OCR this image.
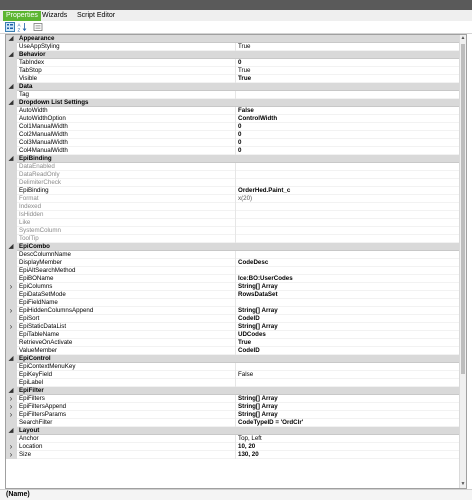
Properties Wizards	Script Editor
A
Z
◢ Appearance
UseAppStyling	True
◢ Behavior
TabIndex	0
TabStop	True
Visible	True
◢ Data
Tag
◢ Dropdown List Settings
AutoWidth	False
AutoWidthOption	ControlWidth
Col1ManualWidth	0
Col2ManualWidth	0
Col3ManualWidth	0
Col4ManualWidth	0
◢ EpiBinding
DataEnabled
DataReadOnly
DelimiterCheck
EpiBinding	OrderHed.Paint_c
Format	x(20)
Indexed
IsHidden
Like
SystemColumn
ToolTip
◢ EpiCombo
DescColumnName
DisplayMember	CodeDesc
EpiAltSearchMethod
EpiBOName	Ice:BO:UserCodes
›	EpiColumns	String[] Array
EpiDataSetMode	RowsDataSet
EpiFieldName
›	EpiHiddenColumnsAppend	String[] Array
EpiSort	CodeID
›	EpiStaticDataList	String[] Array
EpiTableName	UDCodes
RetrieveOnActivate	True
ValueMember	CodeID
◢ EpiControl
EpiContextMenuKey
EpiKeyField	False
EpiLabel
◢ EpiFilter
›	EpiFilters	String[] Array
›	EpiFiltersAppend	String[] Array
›	EpiFiltersParams	String[] Array
SearchFilter	CodeTypeID = 'OrdClr'
◢ Layout
Anchor	Top, Left
›	Location	10, 20
›	Size	130, 20
▲
▼
(Name)
